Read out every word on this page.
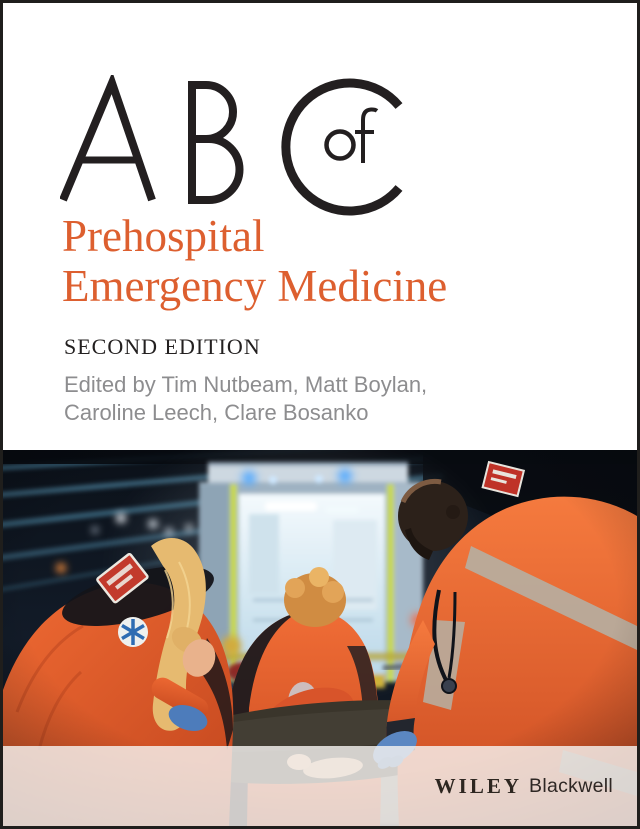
Prehospital
Emergency Medicine
SECOND EDITION
Edited by Tim Nutbeam, Matt Boylan,
Caroline Leech, Clare Bosanko
WILEY Blackwell
